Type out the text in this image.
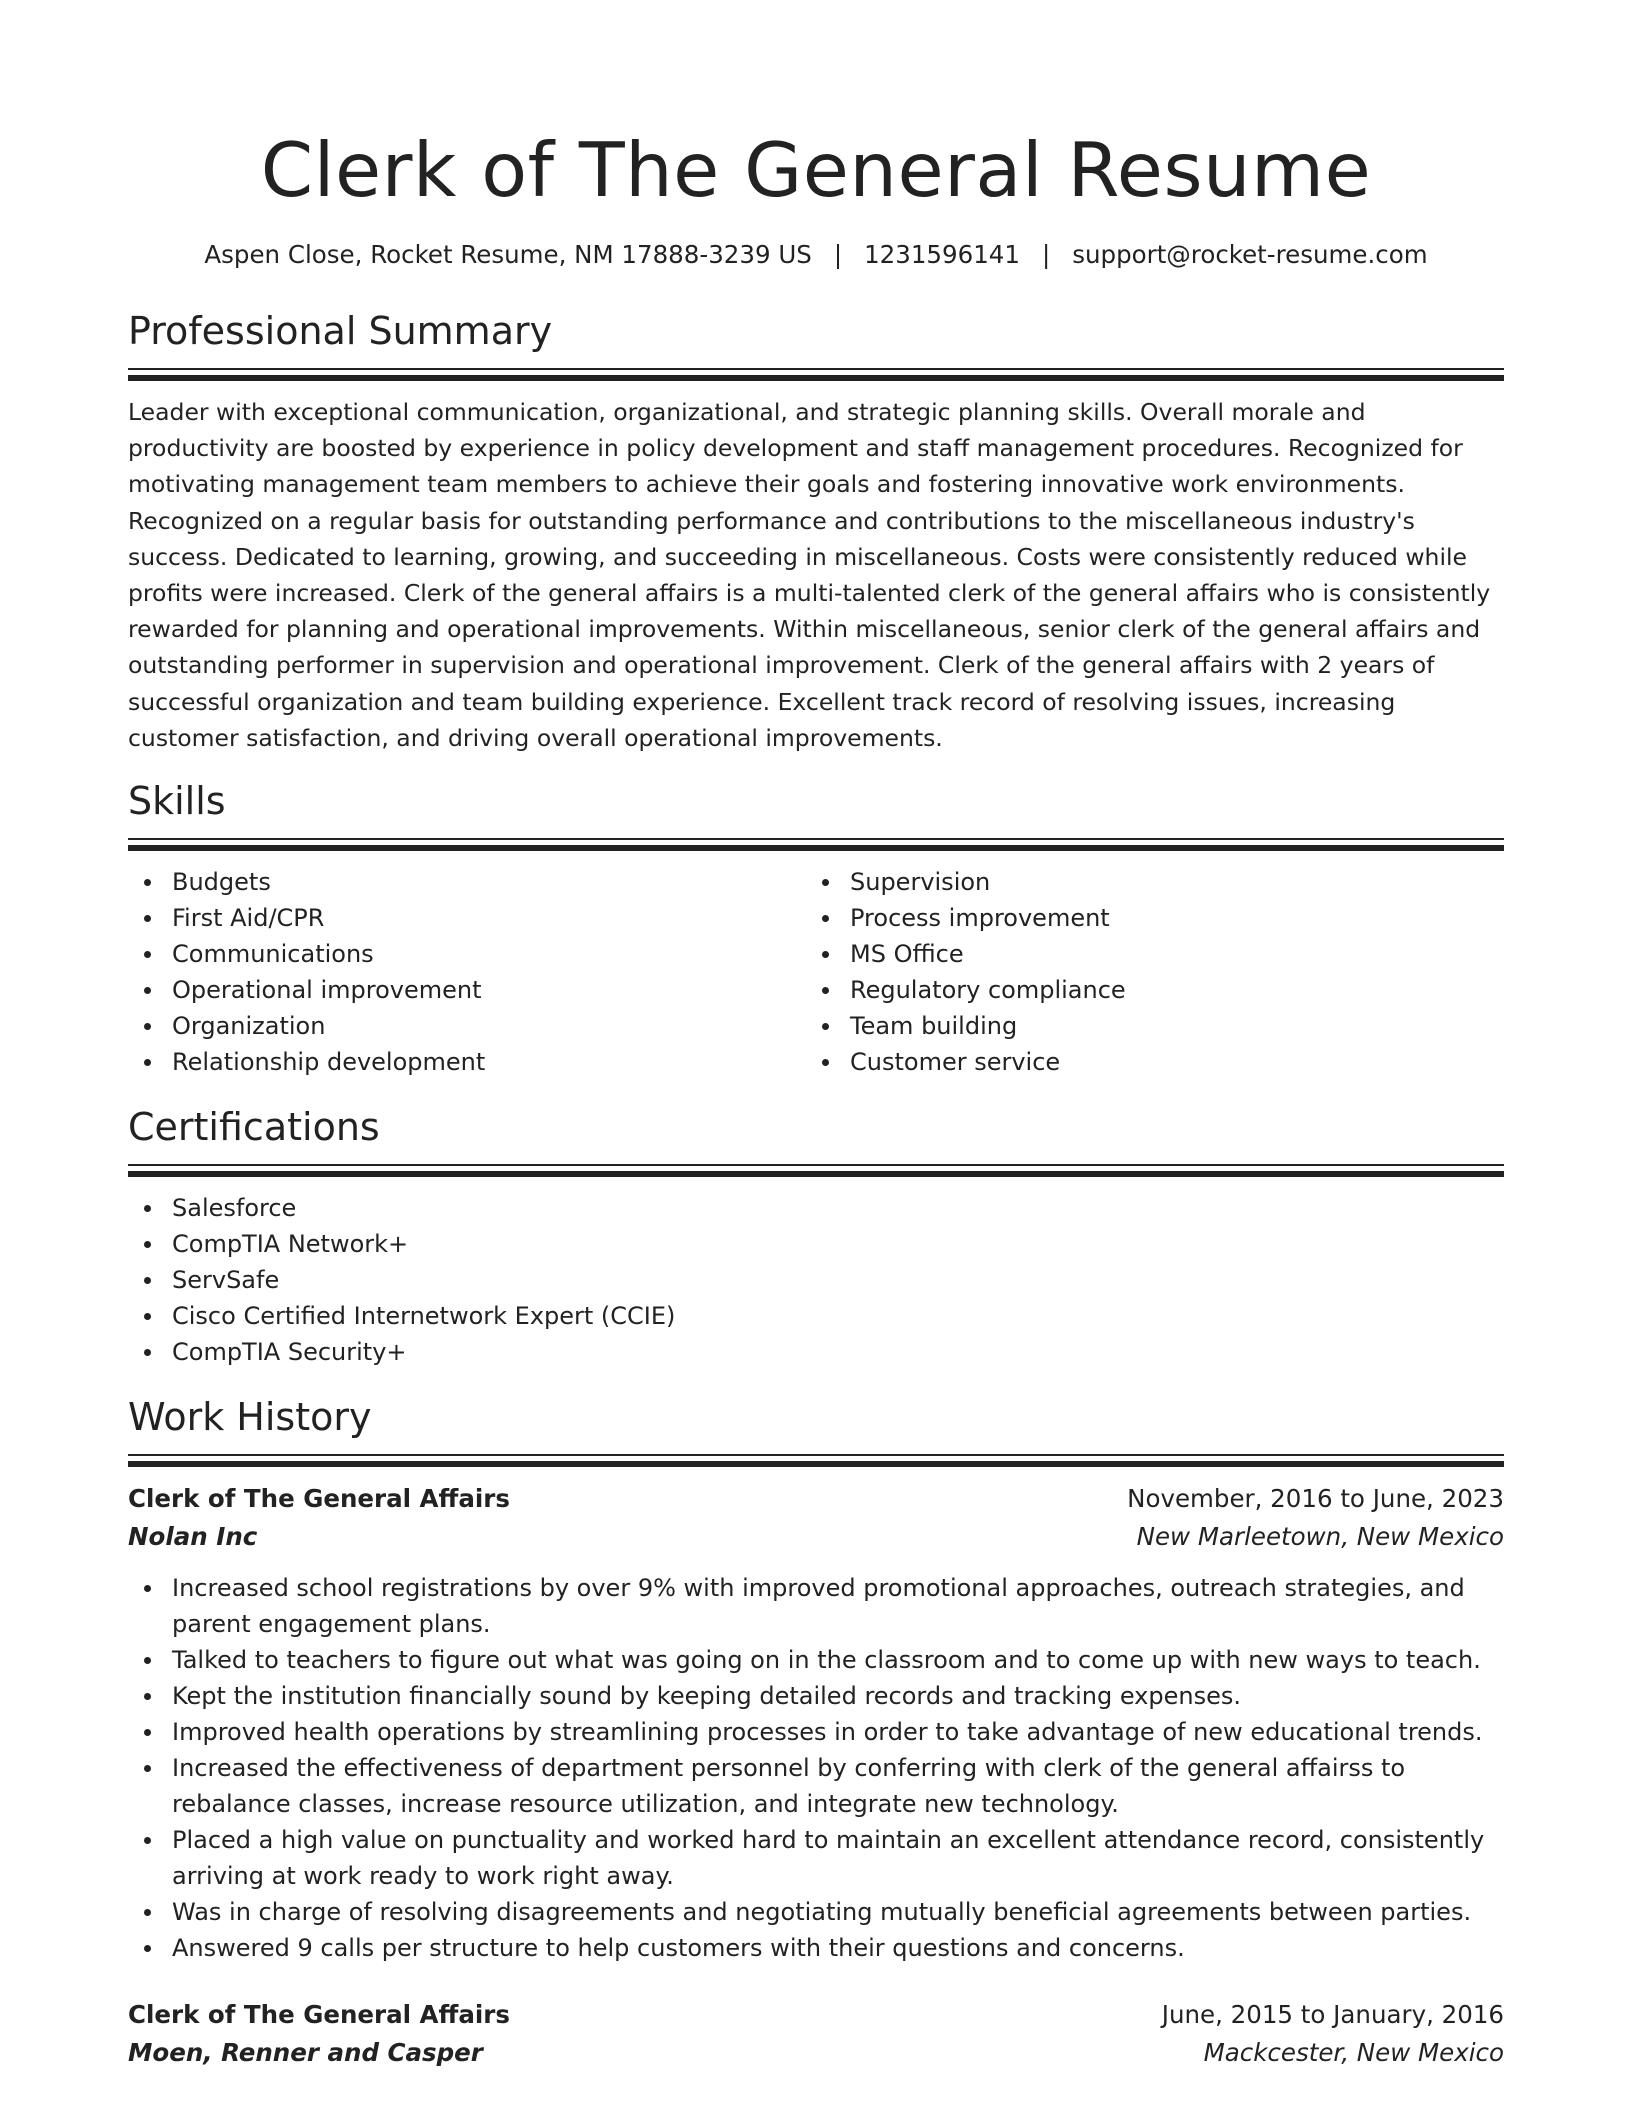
Clerk of The General Resume
Aspen Close, Rocket Resume, NM 17888-3239 US | 1231596141 | support@rocket-resume.com
Professional Summary

Leader with exceptional communication, organizational, and strategic planning skills. Overall morale and productivity are boosted by experience in policy development and staff management procedures. Recognized for motivating management team members to achieve their goals and fostering innovative work environments. Recognized on a regular basis for outstanding performance and contributions to the miscellaneous industry's success. Dedicated to learning, growing, and succeeding in miscellaneous. Costs were consistently reduced while profits were increased. Clerk of the general affairs is a multi-talented clerk of the general affairs who is consistently rewarded for planning and operational improvements. Within miscellaneous, senior clerk of the general affairs and outstanding performer in supervision and operational improvement. Clerk of the general affairs with 2 years of successful organization and team building experience. Excellent track record of resolving issues, increasing customer satisfaction, and driving overall operational improvements.

Skills
Budgets
First Aid/CPR
Communications
Operational improvement
Organization
Relationship development
Supervision
Process improvement
MS Office
Regulatory compliance
Team building
Customer service
Certifications
Salesforce
CompTIA Network+
ServSafe
Cisco Certified Internetwork Expert (CCIE)
CompTIA Security+
Work History
Clerk of The General Affairs	November, 2016 to June, 2023
Nolan Inc	New Marleetown, New Mexico
Increased school registrations by over 9% with improved promotional approaches, outreach strategies, and parent engagement plans.
Talked to teachers to figure out what was going on in the classroom and to come up with new ways to teach.
Kept the institution financially sound by keeping detailed records and tracking expenses.
Improved health operations by streamlining processes in order to take advantage of new educational trends.
Increased the effectiveness of department personnel by conferring with clerk of the general affairss to rebalance classes, increase resource utilization, and integrate new technology.
Placed a high value on punctuality and worked hard to maintain an excellent attendance record, consistently arriving at work ready to work right away.
Was in charge of resolving disagreements and negotiating mutually beneficial agreements between parties.
Answered 9 calls per structure to help customers with their questions and concerns.
Clerk of The General Affairs	June, 2015 to January, 2016
Moen, Renner and Casper	Mackcester, New Mexico
